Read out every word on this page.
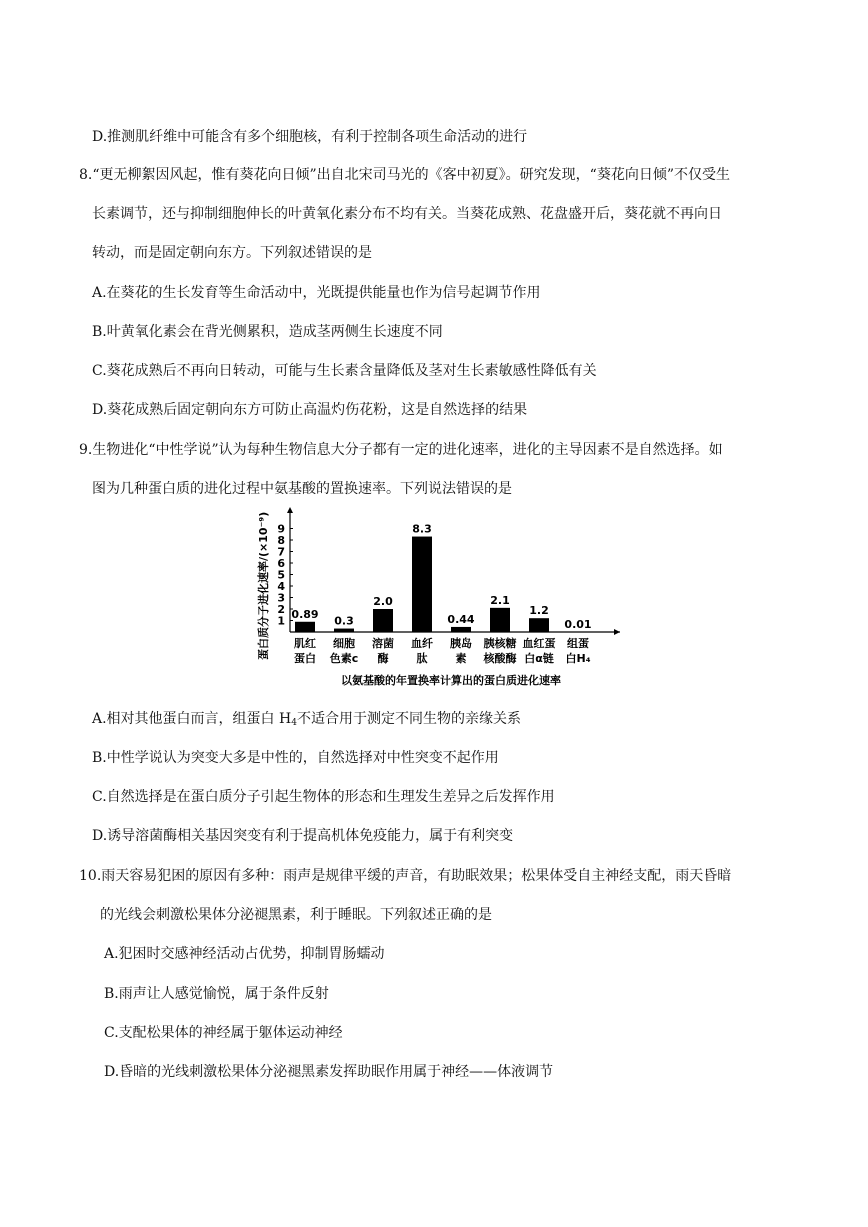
D.推测肌纤维中可能含有多个细胞核，有利于控制各项生命活动的进行
8.“更无柳絮因风起，惟有葵花向日倾”出自北宋司马光的《客中初夏》。研究发现，“葵花向日倾”不仅受生
长素调节，还与抑制细胞伸长的叶黄氧化素分布不均有关。当葵花成熟、花盘盛开后，葵花就不再向日
转动，而是固定朝向东方。下列叙述错误的是
A.在葵花的生长发育等生命活动中，光既提供能量也作为信号起调节作用
B.叶黄氧化素会在背光侧累积，造成茎两侧生长速度不同
C.葵花成熟后不再向日转动，可能与生长素含量降低及茎对生长素敏感性降低有关
D.葵花成熟后固定朝向东方可防止高温灼伤花粉，这是自然选择的结果
9.生物进化“中性学说”认为每种生物信息大分子都有一定的进化速率，进化的主导因素不是自然选择。如
图为几种蛋白质的进化过程中氨基酸的置换速率。下列说法错误的是
蛋白质分子进化速率/(×10⁻⁹) 1
2
3
4
5
6
7
8
9
0.89
0.3
2.0
8.3
0.44
2.1
1.2
0.01
肌红
蛋白
细胞
色素c
溶菌
酶
血纤
肽
胰岛
素
胰核糖
核酸酶
血红蛋
白α链
组蛋
白H₄
以氨基酸的年置换率计算出的蛋白质进化速率
A.相对其他蛋白而言，组蛋白 $H_4$不适合用于测定不同生物的亲缘关系
B.中性学说认为突变大多是中性的，自然选择对中性突变不起作用
C.自然选择是在蛋白质分子引起生物体的形态和生理发生差异之后发挥作用
D.诱导溶菌酶相关基因突变有利于提高机体免疫能力，属于有利突变
10.雨天容易犯困的原因有多种：雨声是规律平缓的声音，有助眠效果；松果体受自主神经支配，雨天昏暗
的光线会刺激松果体分泌褪黑素，利于睡眠。下列叙述正确的是
A.犯困时交感神经活动占优势，抑制胃肠蠕动
B.雨声让人感觉愉悦，属于条件反射
C.支配松果体的神经属于躯体运动神经
D.昏暗的光线刺激松果体分泌褪黑素发挥助眠作用属于神经——体液调节
